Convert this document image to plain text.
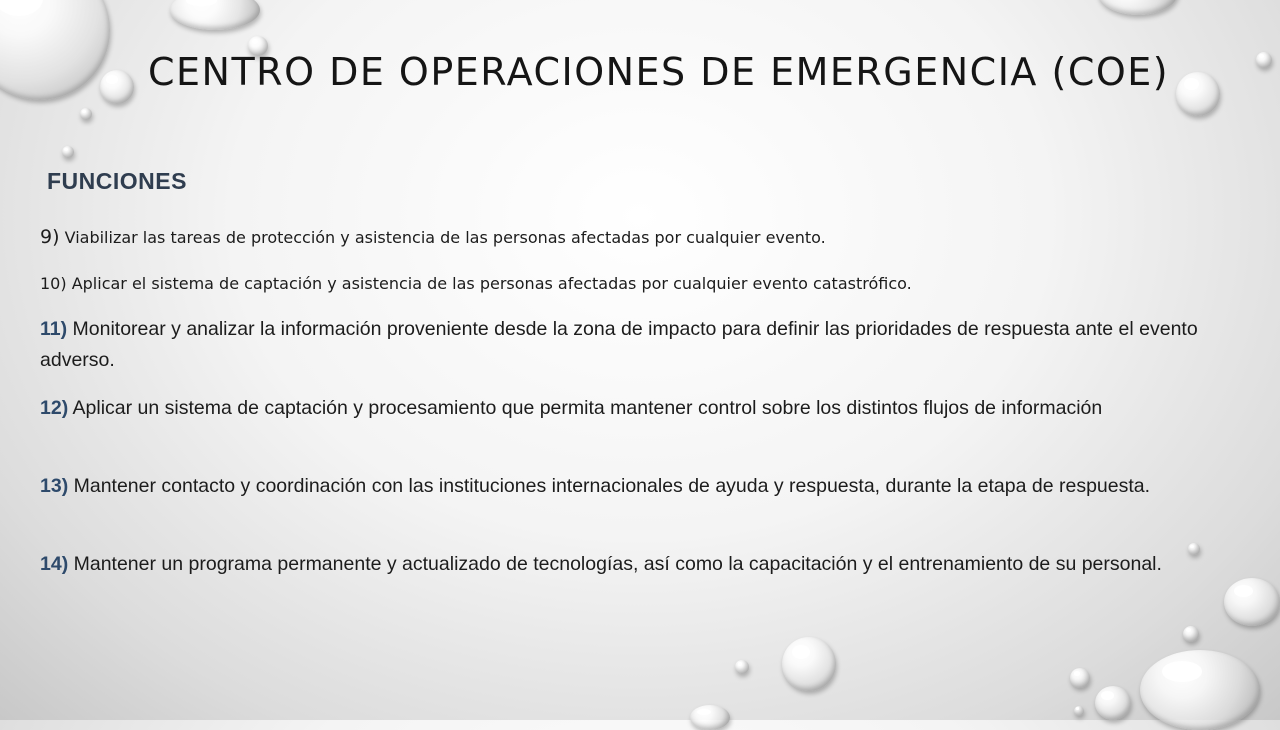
CENTRO DE OPERACIONES DE EMERGENCIA (COE)
FUNCIONES
9) Viabilizar las tareas de protección y asistencia de las personas afectadas por cualquier evento.
10) Aplicar el sistema de captación y asistencia de las personas afectadas por cualquier evento catastrófico.
11) Monitorear y analizar la información proveniente desde la zona de impacto para definir las prioridades de respuesta ante el evento adverso.
12) Aplicar un sistema de captación y procesamiento que permita mantener control sobre los distintos flujos de información
13) Mantener contacto y coordinación con las instituciones internacionales de ayuda y respuesta, durante la etapa de respuesta.
14) Mantener un programa permanente y actualizado de tecnologías, así como la capacitación y el entrenamiento de su personal.
